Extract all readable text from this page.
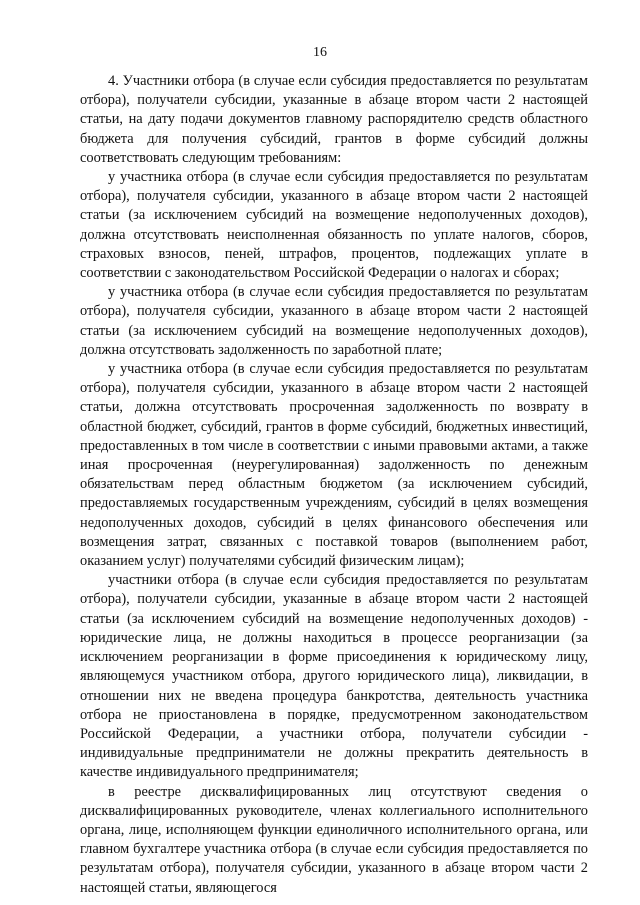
16

4. Участники отбора (в случае если субсидия предоставляется по результатам отбора), получатели субсидии, указанные в абзаце втором части 2 настоящей статьи, на дату подачи документов главному распорядителю средств областного бюджета для получения субсидий, грантов в форме субсидий должны соответствовать следующим требованиям:

у участника отбора (в случае если субсидия предоставляется по результатам отбора), получателя субсидии, указанного в абзаце втором части 2 настоящей статьи (за исключением субсидий на возмещение недополученных доходов), должна отсутствовать неисполненная обязанность по уплате налогов, сборов, страховых взносов, пеней, штрафов, процентов, подлежащих уплате в соответствии с законодательством Российской Федерации о налогах и сборах;

у участника отбора (в случае если субсидия предоставляется по результатам отбора), получателя субсидии, указанного в абзаце втором части 2 настоящей статьи (за исключением субсидий на возмещение недополученных доходов), должна отсутствовать задолженность по заработной плате;

у участника отбора (в случае если субсидия предоставляется по результатам отбора), получателя субсидии, указанного в абзаце втором части 2 настоящей статьи, должна отсутствовать просроченная задолженность по возврату в областной бюджет, субсидий, грантов в форме субсидий, бюджетных инвестиций, предоставленных в том числе в соответствии с иными правовыми актами, а также иная просроченная (неурегулированная) задолженность по денежным обязательствам перед областным бюджетом (за исключением субсидий, предоставляемых государственным учреждениям, субсидий в целях возмещения недополученных доходов, субсидий в целях финансового обеспечения или возмещения затрат, связанных с поставкой товаров (выполнением работ, оказанием услуг) получателями субсидий физическим лицам);

участники отбора (в случае если субсидия предоставляется по результатам отбора), получатели субсидии, указанные в абзаце втором части 2 настоящей статьи (за исключением субсидий на возмещение недополученных доходов) - юридические лица, не должны находиться в процессе реорганизации (за исключением реорганизации в форме присоединения к юридическому лицу, являющемуся участником отбора, другого юридического лица), ликвидации, в отношении них не введена процедура банкротства, деятельность участника отбора не приостановлена в порядке, предусмотренном законодательством Российской Федерации, а участники отбора, получатели субсидии - индивидуальные предприниматели не должны прекратить деятельность в качестве индивидуального предпринимателя;

в реестре дисквалифицированных лиц отсутствуют сведения о дисквалифицированных руководителе, членах коллегиального исполнительного органа, лице, исполняющем функции единоличного исполнительного органа, или главном бухгалтере участника отбора (в случае если субсидия предоставляется по результатам отбора), получателя субсидии, указанного в абзаце втором части 2 настоящей статьи, являющегося
